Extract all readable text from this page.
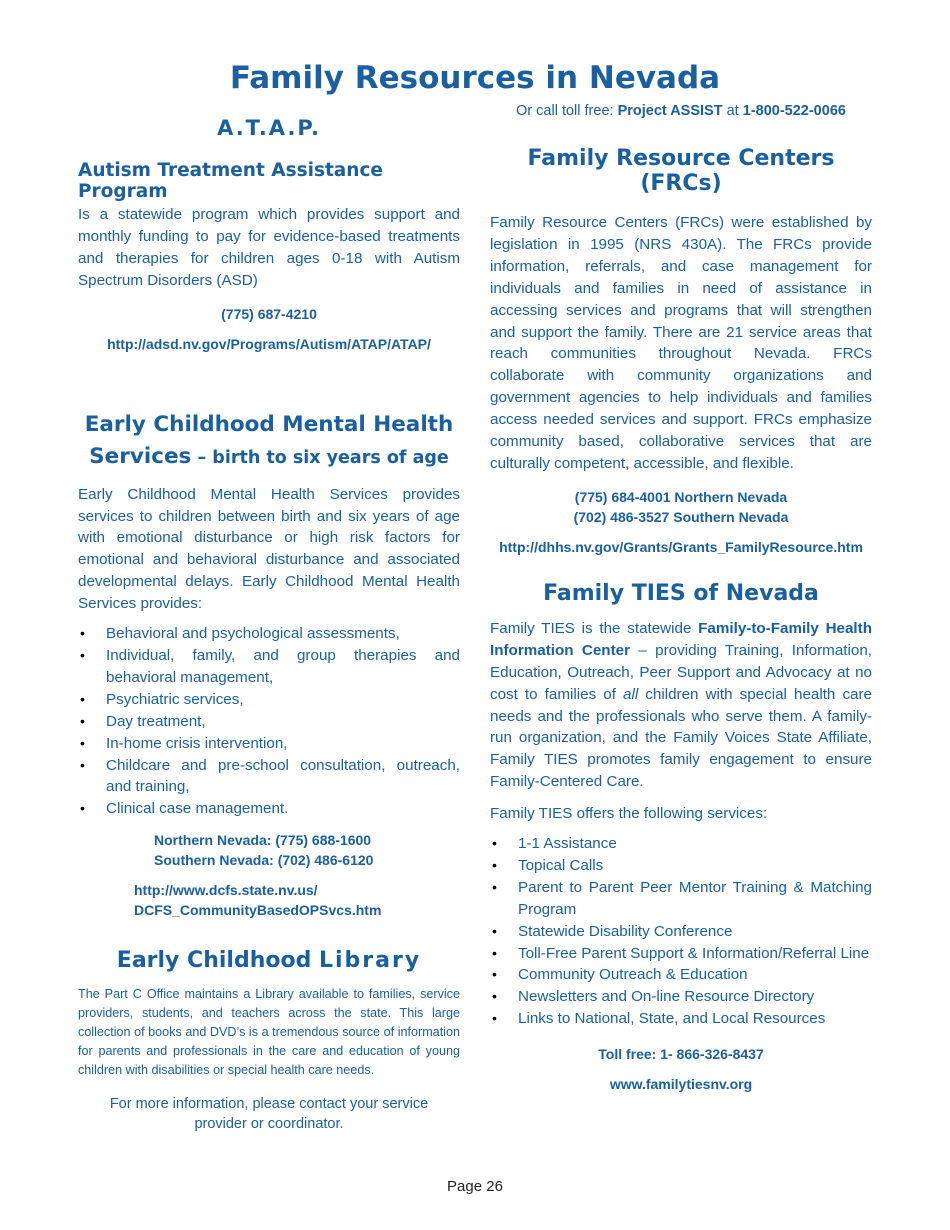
Family Resources in Nevada
A.T.A.P.
Autism Treatment Assistance Program

Is a statewide program which provides support and monthly funding to pay for evidence-based treatments and therapies for children ages 0-18 with Autism Spectrum Disorders (ASD)

(775) 687-4210
http://adsd.nv.gov/Programs/Autism/ATAP/ATAP/
Early Childhood Mental Health
Services – birth to six years of age

Early Childhood Mental Health Services provides services to children between birth and six years of age with emotional disturbance or high risk factors for emotional and behavioral disturbance and associated developmental delays. Early Childhood Mental Health Services provides:

• Behavioral and psychological assessments,
• Individual, family, and group therapies and behavioral management,
• Psychiatric services,
• Day treatment,
• In-home crisis intervention,
• Childcare and pre-school consultation, outreach, and training,
• Clinical case management.
Northern Nevada: (775) 688-1600
Southern Nevada: (702) 486-6120
http://www.dcfs.state.nv.us/
DCFS_CommunityBasedOPSvcs.htm
Early Childhood Library

The Part C Office maintains a Library available to families, service providers, students, and teachers across the state. This large collection of books and DVD’s is a tremendous source of information for parents and professionals in the care and education of young children with disabilities or special health care needs.

For more information, please contact your service provider or coordinator.

Or call toll free: Project ASSIST at 1-800-522-0066
Family Resource Centers (FRCs)

Family Resource Centers (FRCs) were established by legislation in 1995 (NRS 430A). The FRCs provide information, referrals, and case management for individuals and families in need of assistance in accessing services and programs that will strengthen and support the family. There are 21 service areas that reach communities throughout Nevada. FRCs collaborate with community organizations and government agencies to help individuals and families access needed services and support. FRCs emphasize community based, collaborative services that are culturally competent, accessible, and flexible.

(775) 684-4001 Northern Nevada
(702) 486-3527 Southern Nevada
http://dhhs.nv.gov/Grants/Grants_FamilyResource.htm
Family TIES of Nevada

Family TIES is the statewide Family-to-Family Health Information Center – providing Training, Information, Education, Outreach, Peer Support and Advocacy at no cost to families of all children with special health care needs and the professionals who serve them. A family-run organization, and the Family Voices State Affiliate, Family TIES promotes family engagement to ensure Family-Centered Care.

Family TIES offers the following services:

• 1-1 Assistance
• Topical Calls
• Parent to Parent Peer Mentor Training & Matching Program
• Statewide Disability Conference
• Toll-Free Parent Support & Information/Referral Line
• Community Outreach & Education
• Newsletters and On-line Resource Directory
• Links to National, State, and Local Resources
Toll free: 1- 866-326-8437
www.familytiesnv.org
Page 26
